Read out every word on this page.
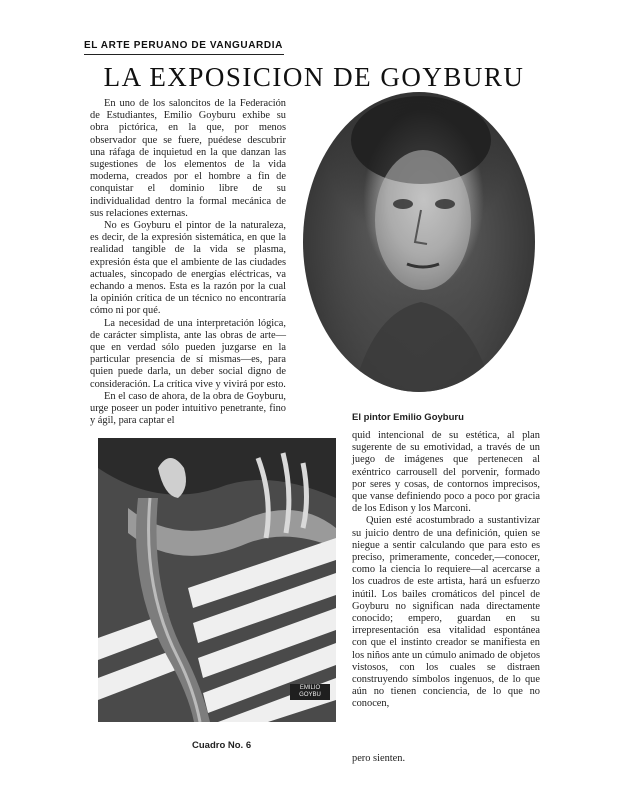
EL ARTE PERUANO DE VANGUARDIA
LA EXPOSICION DE GOYBURU

En uno de los saloncitos de la Federación de Estudiantes, Emilio Goyburu exhibe su obra pictórica, en la que, por menos observador que se fuere, puédese descubrir una ráfaga de inquietud en la que danzan las sugestiones de los elementos de la vida moderna, creados por el hombre a fin de conquistar el dominio libre de su individualidad dentro la formal mecánica de sus relaciones externas.

No es Goyburu el pintor de la naturaleza, es decir, de la expresión sistemática, en que la realidad tangible de la vida se plasma, expresión ésta que el ambiente de las ciudades actuales, sincopado de energías eléctricas, va echando a menos. Esta es la razón por la cual la opinión crítica de un técnico no encontraría cómo ni por qué.

La necesidad de una interpretación lógica, de carácter simplista, ante las obras de arte—que en verdad sólo pueden juzgarse en la particular presencia de sí mismas—es, para quien puede darla, un deber social digno de consideración. La crítica vive y vivirá por esto.

En el caso de ahora, de la obra de Goyburu, urge poseer un poder intuitivo penetrante, fino y ágil, para captar el	El pintor Emilio Goyburu
EMILIO GOYBU
Cuadro No. 6

quid intencional de su estética, al plan sugerente de su emotividad, a través de un juego de imágenes que pertenecen al exéntrico carrousell del porvenir, formado por seres y cosas, de contornos imprecisos, que vanse definiendo poco a poco por gracia de los Edison y los Marconi.

Quien esté acostumbrado a sustantivizar su juicio dentro de una definición, quien se niegue a sentir calculando que para esto es preciso, primeramente, conceder,—conocer, como la ciencia lo requiere—al acercarse a los cuadros de este artista, hará un esfuerzo inútil. Los bailes cromáticos del pincel de Goyburu no significan nada directamente conocido; empero, guardan en su irrepresentación esa vitalidad espontánea con que el instinto creador se manifiesta en los niños ante un cúmulo animado de objetos vistosos, con los cuales se distraen construyendo símbolos ingenuos, de lo que aún no tienen conciencia, de lo que no conocen,

pero sienten.
